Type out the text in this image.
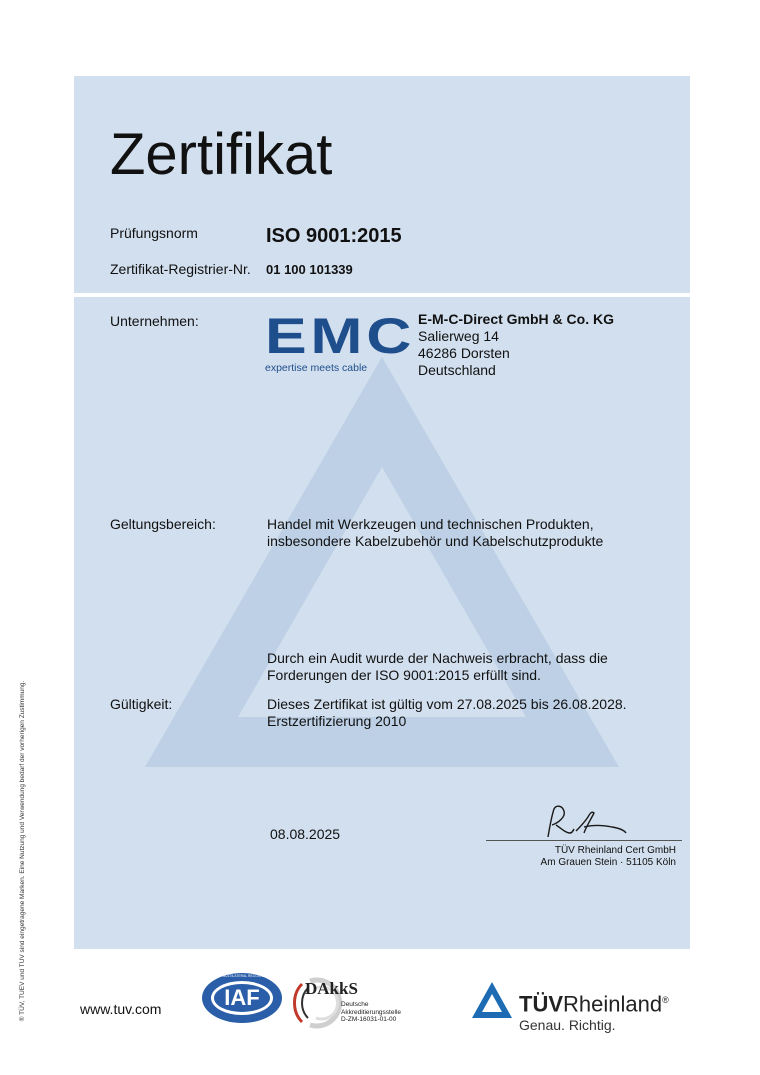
® TÜV, TUEV und TUV sind eingetragene Marken. Eine Nutzung und Verwendung bedarf der vorherigen Zustimmung.
Zertifikat
Prüfungsnorm	ISO 9001:2015
Zertifikat-Registrier-Nr. 01 100 101339
Unternehmen: EMC
expertise meets cable
E-M-C-Direct GmbH & Co. KG
Salierweg 14
46286 Dorsten
Deutschland
Geltungsbereich:	Handel mit Werkzeugen und technischen Produkten,
insbesondere Kabelzubehör und Kabelschutzprodukte
Durch ein Audit wurde der Nachweis erbracht, dass die
Forderungen der ISO 9001:2015 erfüllt sind.
Gültigkeit:	Dieses Zertifikat ist gültig vom 27.08.2025 bis 26.08.2028.
Erstzertifizierung 2010
08.08.2025
TÜV Rheinland Cert GmbH
Am Grauen Stein · 51105 Köln
www.tuv.com	IAF
MEMBER OF MULTILATERAL RECOGNITION ARRANGEMENT
DAkkS
Deutsche
Akkreditierungsstelle
D-ZM-16031-01-00
TÜVRheinland®
Genau. Richtig.
